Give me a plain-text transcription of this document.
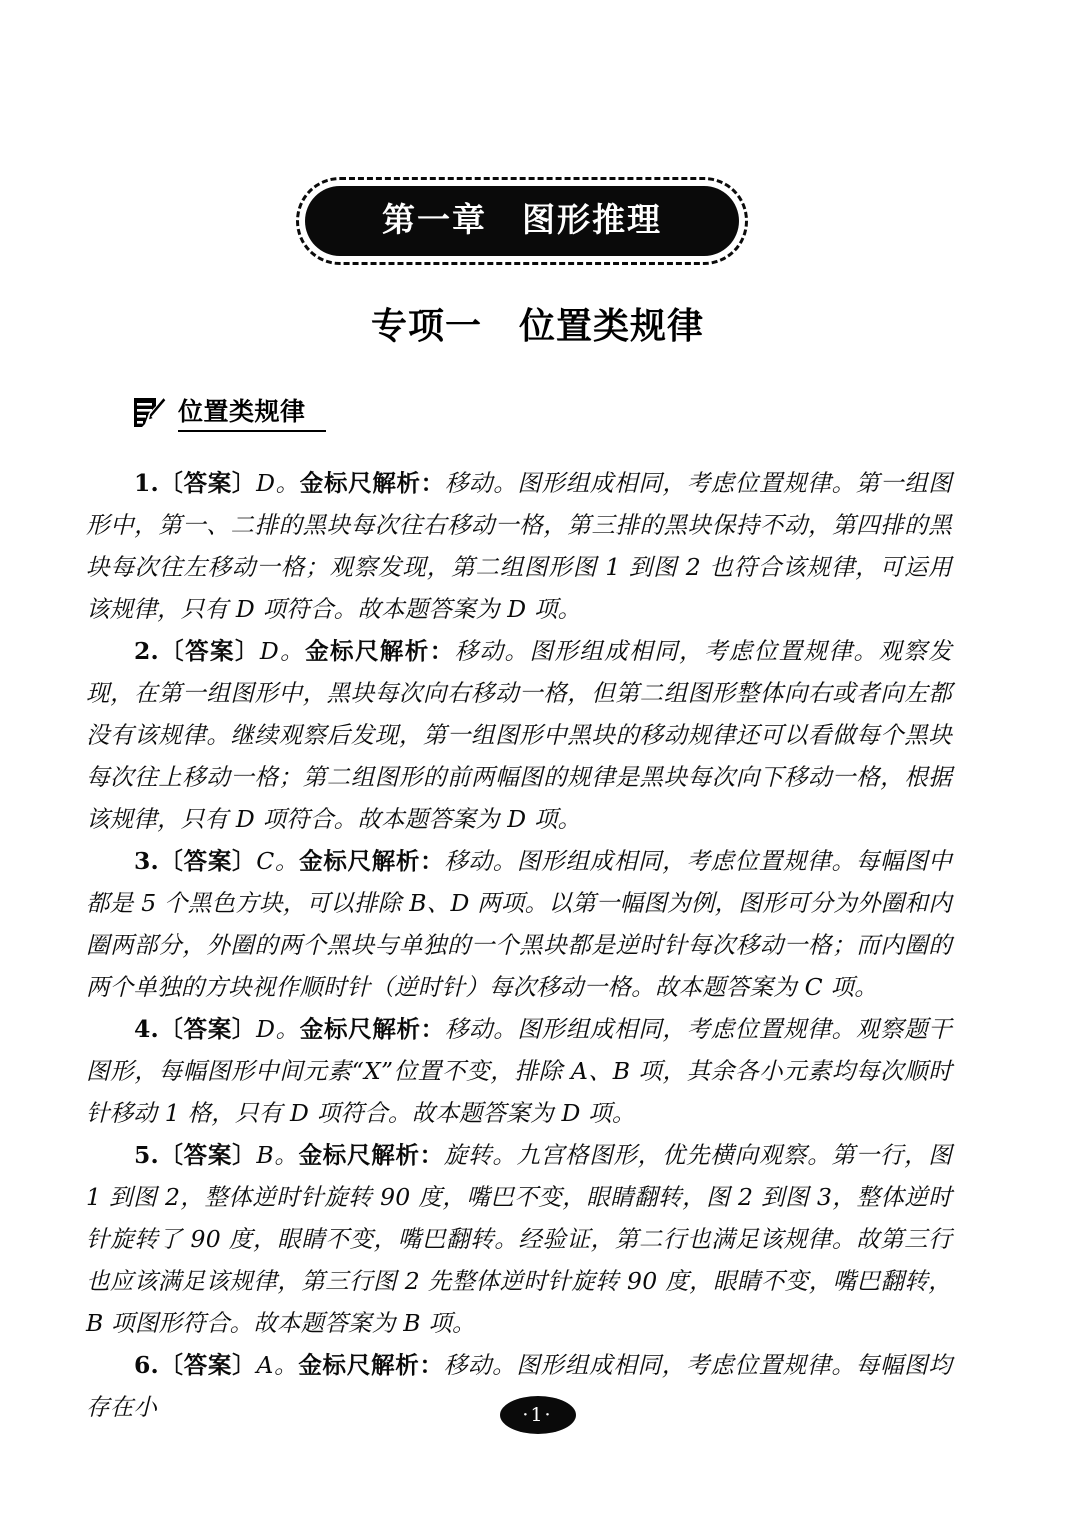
第一章　图形推理
专项一　位置类规律
位置类规律

1.〔答案〕D。金标尺解析：移动。图形组成相同，考虑位置规律。第一组图形中，第一、二排的黑块每次往右移动一格，第三排的黑块保持不动，第四排的黑块每次往左移动一格；观察发现，第二组图形图 1 到图 2 也符合该规律，可运用该规律，只有 D 项符合。故本题答案为 D 项。

2.〔答案〕D。金标尺解析：移动。图形组成相同，考虑位置规律。观察发现，在第一组图形中，黑块每次向右移动一格，但第二组图形整体向右或者向左都没有该规律。继续观察后发现，第一组图形中黑块的移动规律还可以看做每个黑块每次往上移动一格；第二组图形的前两幅图的规律是黑块每次向下移动一格，根据该规律，只有 D 项符合。故本题答案为 D 项。

3.〔答案〕C。金标尺解析：移动。图形组成相同，考虑位置规律。每幅图中都是 5 个黑色方块，可以排除 B、D 两项。以第一幅图为例，图形可分为外圈和内圈两部分，外圈的两个黑块与单独的一个黑块都是逆时针每次移动一格；而内圈的两个单独的方块视作顺时针（逆时针）每次移动一格。故本题答案为 C 项。

4.〔答案〕D。金标尺解析：移动。图形组成相同，考虑位置规律。观察题干图形，每幅图形中间元素“X”位置不变，排除 A、B 项，其余各小元素均每次顺时针移动 1 格，只有 D 项符合。故本题答案为 D 项。

5.〔答案〕B。金标尺解析：旋转。九宫格图形，优先横向观察。第一行，图 1 到图 2，整体逆时针旋转 90 度，嘴巴不变，眼睛翻转，图 2 到图 3，整体逆时针旋转了 90 度，眼睛不变，嘴巴翻转。经验证，第二行也满足该规律。故第三行也应该满足该规律，第三行图 2 先整体逆时针旋转 90 度，眼睛不变，嘴巴翻转，B 项图形符合。故本题答案为 B 项。

6.〔答案〕A。金标尺解析：移动。图形组成相同，考虑位置规律。每幅图均存在小	·1·
